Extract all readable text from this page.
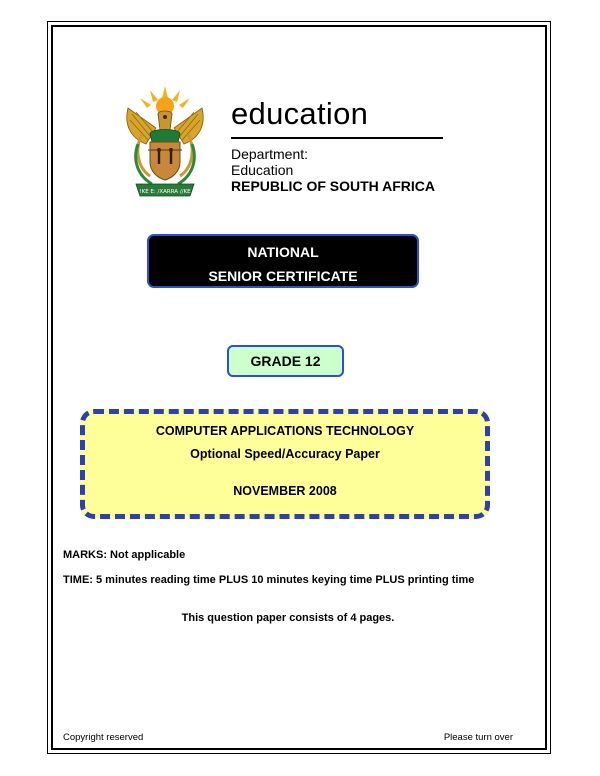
!KE E: /XARRA //KE
education
Department:
Education
REPUBLIC OF SOUTH AFRICA
NATIONAL
SENIOR CERTIFICATE
GRADE 12
COMPUTER APPLICATIONS TECHNOLOGY
Optional Speed/Accuracy Paper
NOVEMBER 2008
MARKS: Not applicable
TIME: 5 minutes reading time PLUS 10 minutes keying time PLUS printing time
This question paper consists of 4 pages.
Copyright reserved	Please turn over
